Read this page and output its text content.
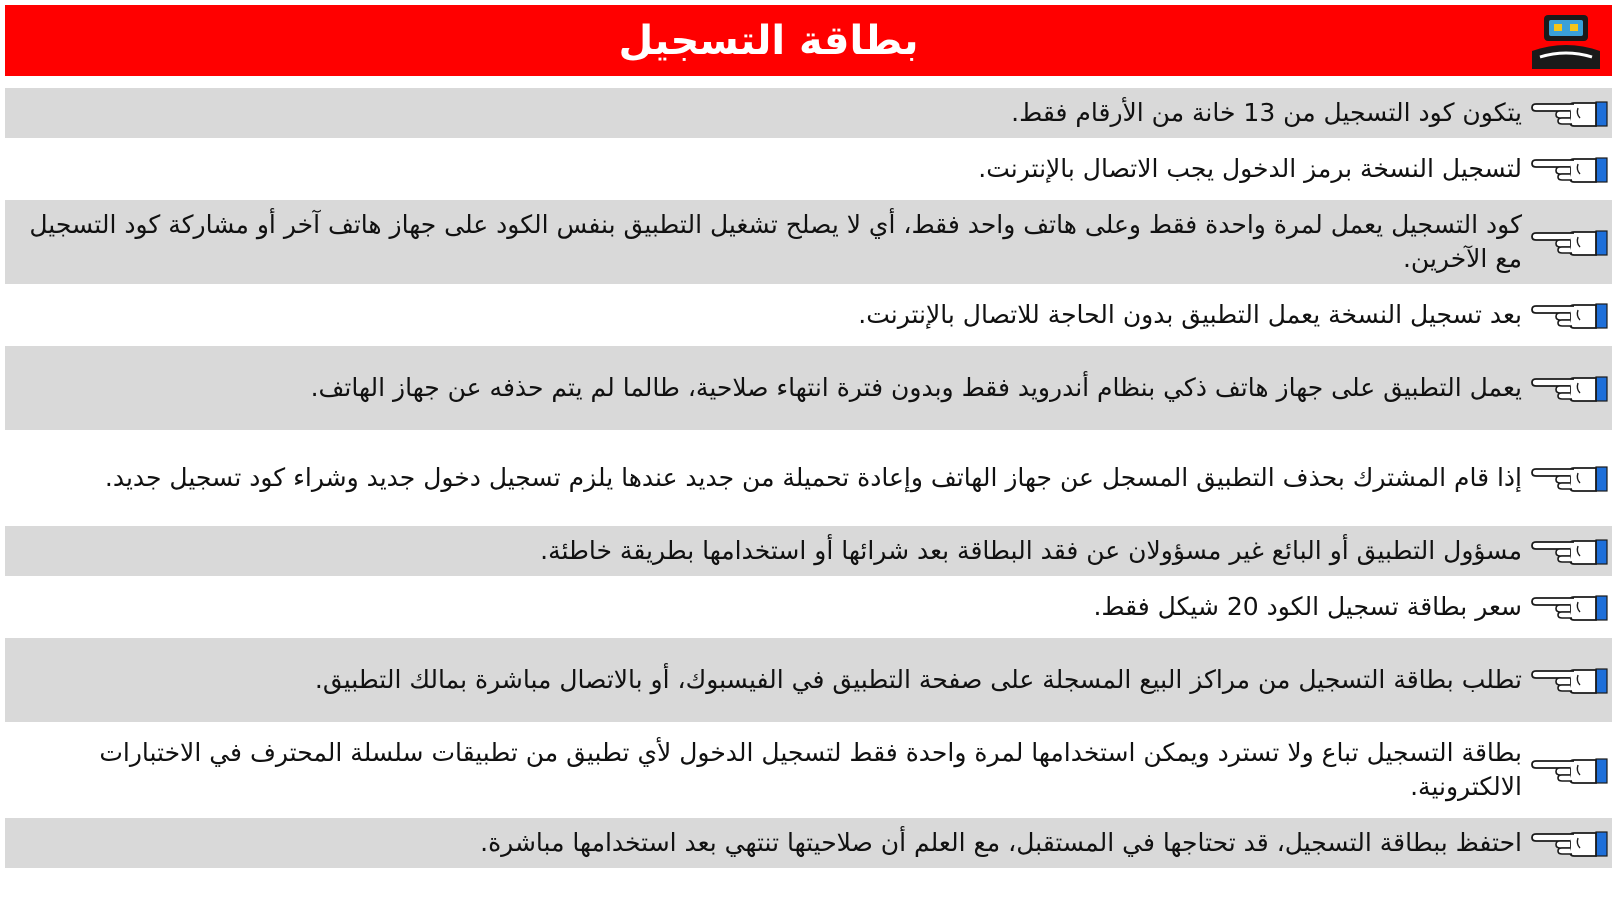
بطاقة التسجيل
يتكون كود التسجيل من 13 خانة من الأرقام فقط.
لتسجيل النسخة برمز الدخول يجب الاتصال بالإنترنت.
كود التسجيل يعمل لمرة واحدة فقط وعلى هاتف واحد فقط، أي لا يصلح تشغيل التطبيق بنفس الكود على جهاز هاتف آخر أو مشاركة كود التسجيل مع الآخرين.
بعد تسجيل النسخة يعمل التطبيق بدون الحاجة للاتصال بالإنترنت.
يعمل التطبيق على جهاز هاتف ذكي بنظام أندرويد فقط وبدون فترة انتهاء صلاحية، طالما لم يتم حذفه عن جهاز الهاتف.
إذا قام المشترك بحذف التطبيق المسجل عن جهاز الهاتف وإعادة تحميلة من جديد عندها يلزم تسجيل دخول جديد وشراء كود تسجيل جديد.
مسؤول التطبيق أو البائع غير مسؤولان عن فقد البطاقة بعد شرائها أو استخدامها بطريقة خاطئة.
سعر بطاقة تسجيل الكود 20 شيكل فقط.
تطلب بطاقة التسجيل من مراكز البيع المسجلة على صفحة التطبيق في الفيسبوك، أو بالاتصال مباشرة بمالك التطبيق.
بطاقة التسجيل تباع ولا تسترد ويمكن استخدامها لمرة واحدة فقط لتسجيل الدخول لأي تطبيق من تطبيقات سلسلة المحترف في الاختبارات الالكترونية.
احتفظ ببطاقة التسجيل، قد تحتاجها في المستقبل، مع العلم أن صلاحيتها تنتهي بعد استخدامها مباشرة.
